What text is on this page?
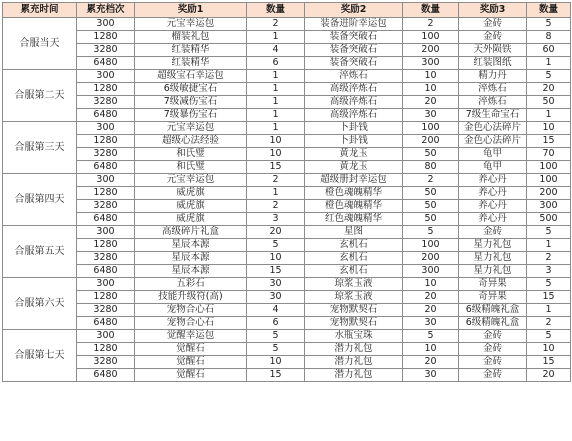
累充时间	累充档次	奖励1	数量	奖励2	数量	奖励3	数量
合服当天	300	元宝幸运包	2	装备进阶幸运包	2	金砖	5
	1280	榴装礼包	1	装备突破石	100	金砖	8
	3280	红装精华	4	装备突破石	200	天外陨铁	60
	6480	红装精华	6	装备突破石	300	红装图纸	1
合服第二天	300	超级宝石幸运包	1	淬炼石	10	精力丹	5
	1280	6级敏捷宝石	1	高级淬炼石	10	淬炼石	20
	3280	7级减伤宝石	1	高级淬炼石	20	淬炼石	50
	6480	7级暴伤宝石	1	高级淬炼石	30	7级生命宝石	1
合服第三天	300	元宝幸运包	1	卜卦钱	100	金色心法碎片	10
	1280	超级心法经验	10	卜卦钱	200	金色心法碎片	15
	3280	和氏璧	10	黄龙玉	50	龟甲	70
	6480	和氏璧	15	黄龙玉	80	龟甲	100
合服第四天	300	元宝幸运包	2	超级册封幸运包	2	养心丹	100
	1280	威虎旗	1	橙色魂魄精华	50	养心丹	200
	3280	威虎旗	2	橙色魂魄精华	50	养心丹	300
	6480	威虎旗	3	红色魂魄精华	50	养心丹	500
合服第五天	300	高级碎片礼盒	20	星图	5	金砖	5
	1280	星辰本源	5	玄机石	100	星力礼包	1
	3280	星辰本源	10	玄机石	200	星力礼包	2
	6480	星辰本源	15	玄机石	300	星力礼包	3
合服第六天	300	五彩石	30	琼浆玉液	10	奇异果	5
	1280	技能升级符(高)	30	琼浆玉液	20	奇异果	15
	3280	宠物合心石	4	宠物默契石	20	6级精魄礼盒	1
	6480	宠物合心石	6	宠物默契石	30	6级精魄礼盒	2
合服第七天	300	觉醒幸运包	5	水瓶宝珠	5	金砖	5
	1280	觉醒石	5	潜力礼包	10	金砖	10
	3280	觉醒石	10	潜力礼包	20	金砖	15
	6480	觉醒石	15	潜力礼包	30	金砖	20
